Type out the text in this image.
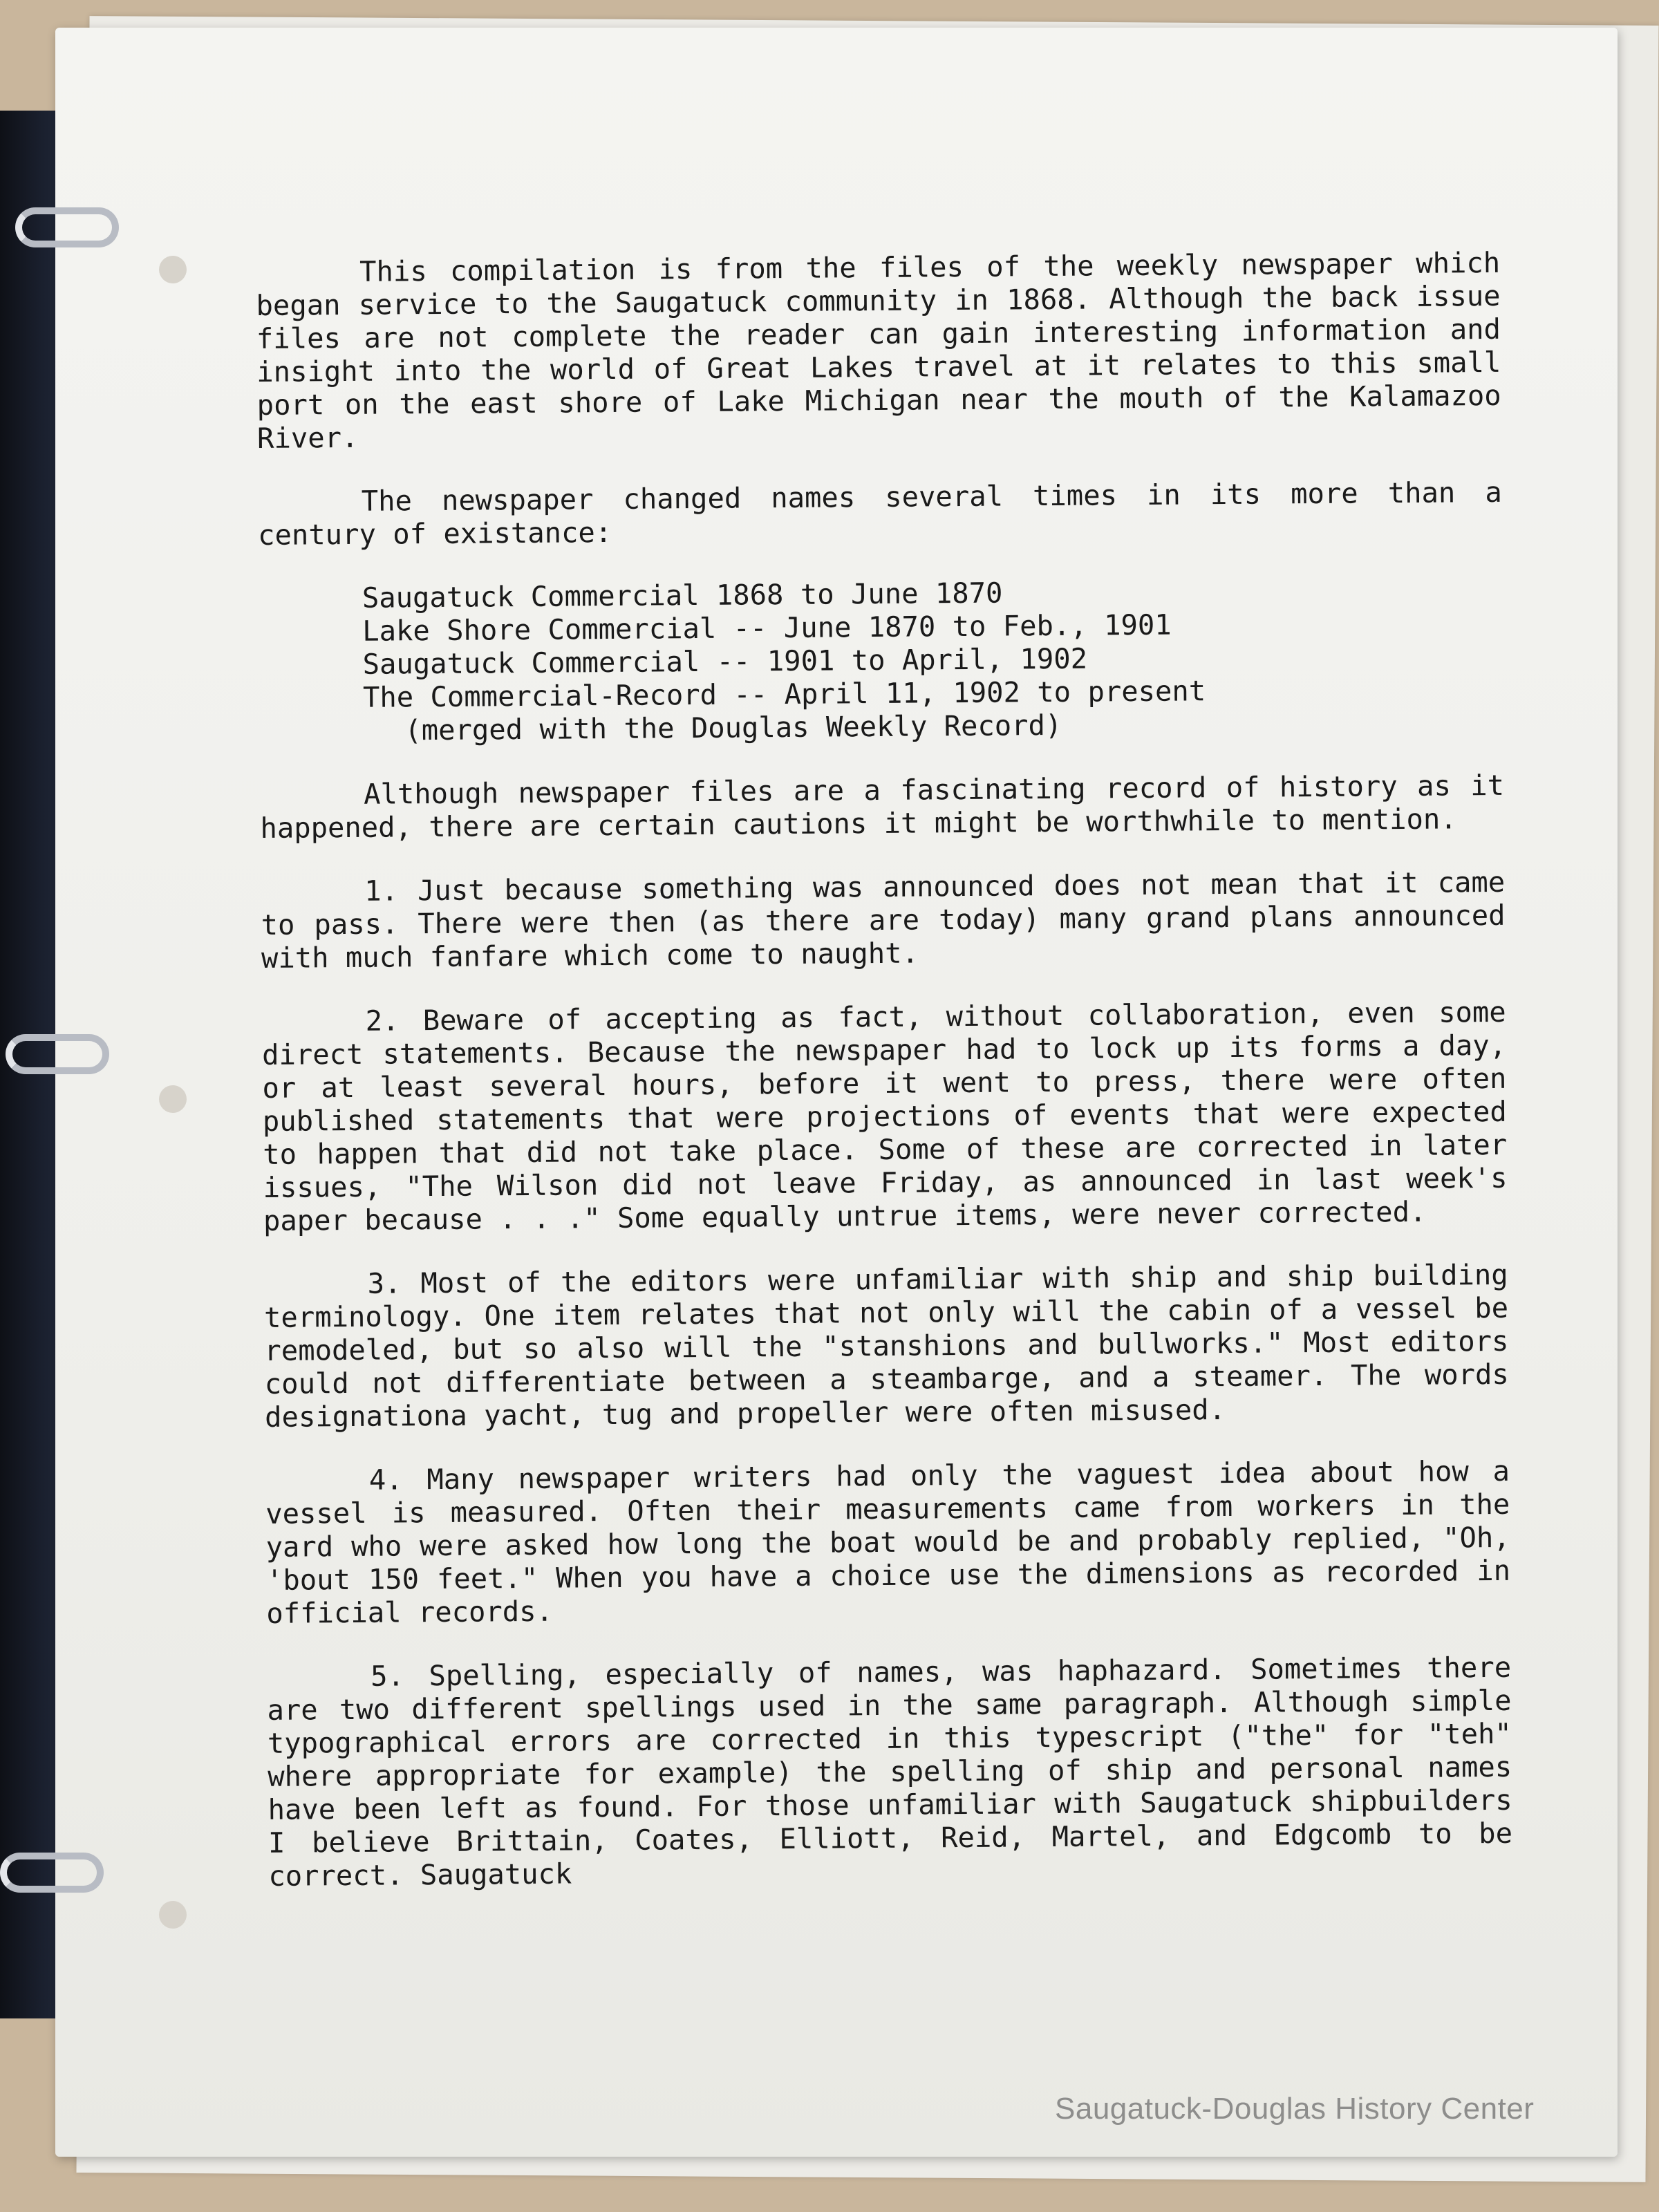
This compilation is from the files of the weekly newspaper which began service to the Saugatuck community in 1868. Although the back issue files are not complete the reader can gain interesting information and insight into the world of Great Lakes travel at it relates to this small port on the east shore of Lake Michigan near the mouth of the Kalamazoo River.

The newspaper changed names several times in its more than a century of existance:

Saugatuck Commercial 1868 to June 1870
Lake Shore Commercial -- June 1870 to Feb., 1901
Saugatuck Commercial -- 1901 to April, 1902
The Commercial-Record -- April 11, 1902 to present
(merged with the Douglas Weekly Record)

Although newspaper files are a fascinating record of history as it happened, there are certain cautions it might be worthwhile to mention.

1. Just because something was announced does not mean that it came to pass. There were then (as there are today) many grand plans announced with much fanfare which come to naught.

2. Beware of accepting as fact, without collaboration, even some direct statements. Because the newspaper had to lock up its forms a day, or at least several hours, before it went to press, there were often published statements that were projections of events that were expected to happen that did not take place. Some of these are corrected in later issues, "The Wilson did not leave Friday, as announced in last week's paper because . . ." Some equally untrue items, were never corrected.

3. Most of the editors were unfamiliar with ship and ship building terminology. One item relates that not only will the cabin of a vessel be remodeled, but so also will the "stanshions and bullworks." Most editors could not differentiate between a steambarge, and a steamer. The words designationa yacht, tug and propeller were often misused.

4. Many newspaper writers had only the vaguest idea about how a vessel is measured. Often their measurements came from workers in the yard who were asked how long the boat would be and probably replied, "Oh, 'bout 150 feet." When you have a choice use the dimensions as recorded in official records.

5. Spelling, especially of names, was haphazard. Sometimes there are two different spellings used in the same paragraph. Although simple typographical errors are corrected in this typescript ("the" for "teh" where appropriate for example) the spelling of ship and personal names have been left as found. For those unfamiliar with Saugatuck shipbuilders I believe Brittain, Coates, Elliott, Reid, Martel, and Edgcomb to be correct. Saugatuck

Saugatuck-Douglas History Center
